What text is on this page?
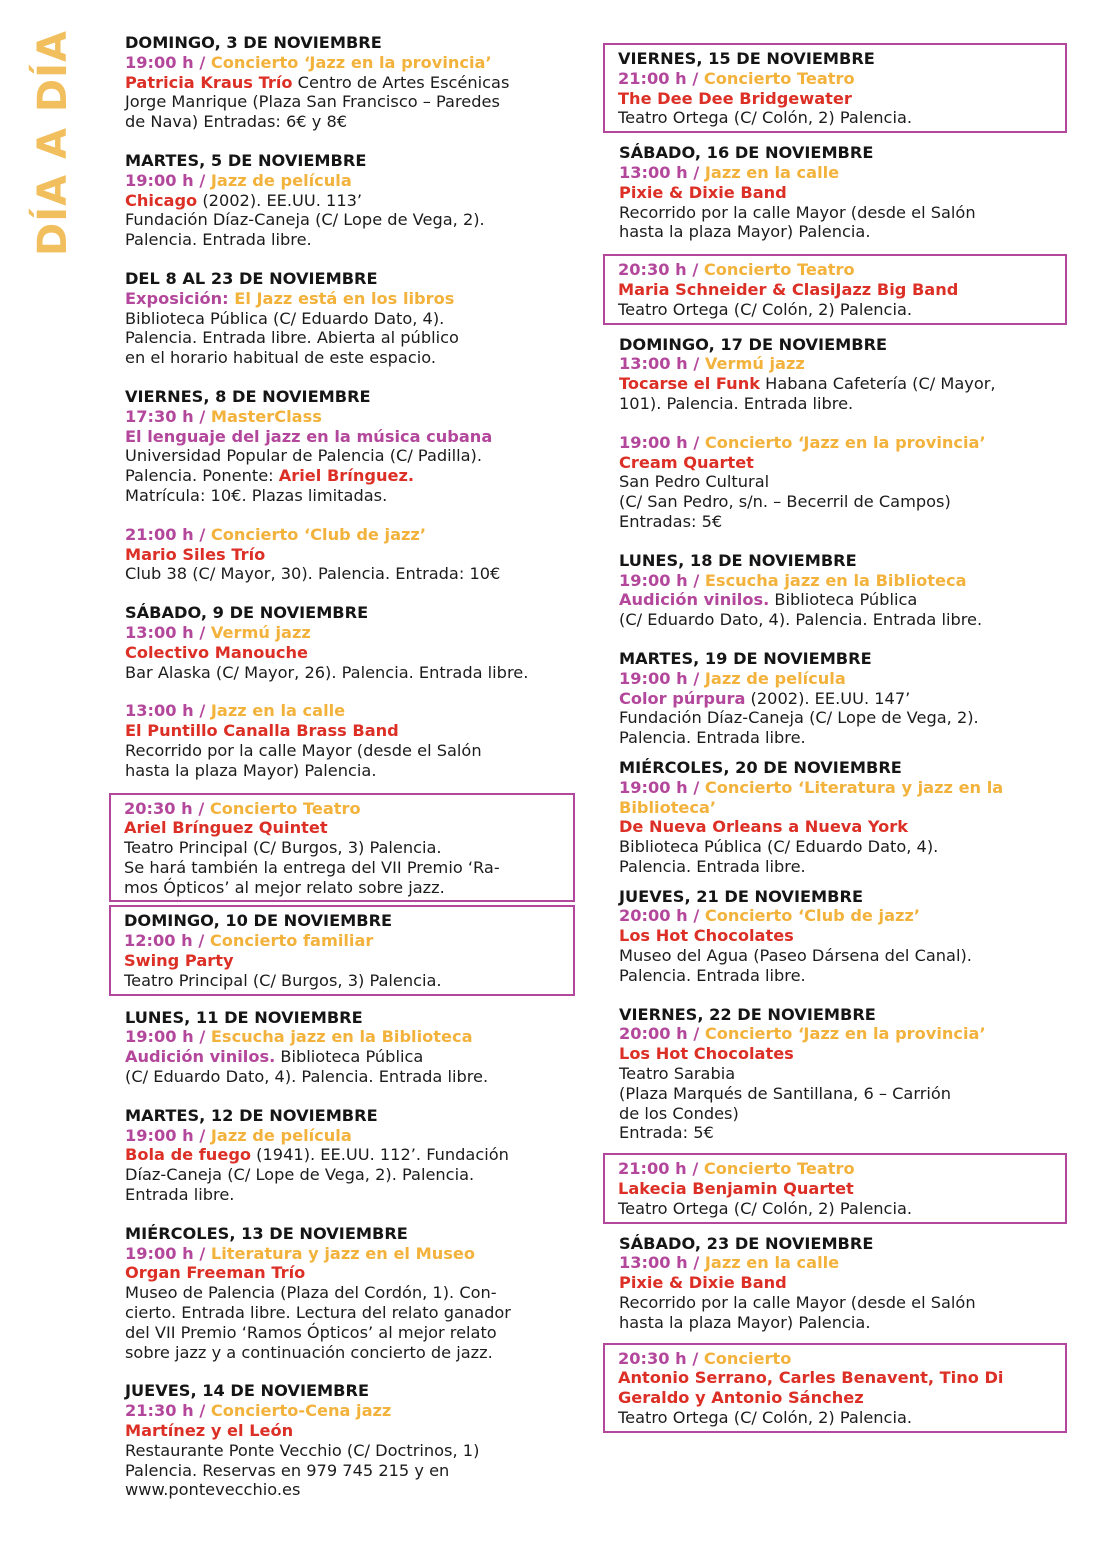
DÍA A DÍA	DOMINGO, 3 DE NOVIEMBRE
19:00 h / Concierto ‘Jazz en la provincia’
Patricia Kraus Trío Centro de Artes Escénicas
Jorge Manrique (Plaza San Francisco – Paredes
de Nava) Entradas: 6€ y 8€
MARTES, 5 DE NOVIEMBRE
19:00 h / Jazz de película
Chicago (2002). EE.UU. 113’
Fundación Díaz-Caneja (C/ Lope de Vega, 2).
Palencia. Entrada libre.
DEL 8 AL 23 DE NOVIEMBRE
Exposición: El Jazz está en los libros
Biblioteca Pública (C/ Eduardo Dato, 4).
Palencia. Entrada libre. Abierta al público
en el horario habitual de este espacio.
VIERNES, 8 DE NOVIEMBRE
17:30 h / MasterClass
El lenguaje del jazz en la música cubana
Universidad Popular de Palencia (C/ Padilla).
Palencia. Ponente: Ariel Brínguez.
Matrícula: 10€. Plazas limitadas.
21:00 h / Concierto ‘Club de jazz’
Mario Siles Trío
Club 38 (C/ Mayor, 30). Palencia. Entrada: 10€
SÁBADO, 9 DE NOVIEMBRE
13:00 h / Vermú jazz
Colectivo Manouche
Bar Alaska (C/ Mayor, 26). Palencia. Entrada libre.
13:00 h / Jazz en la calle
El Puntillo Canalla Brass Band
Recorrido por la calle Mayor (desde el Salón
hasta la plaza Mayor) Palencia.
20:30 h / Concierto Teatro
Ariel Brínguez Quintet
Teatro Principal (C/ Burgos, 3) Palencia.
Se hará también la entrega del VII Premio ‘Ra-
mos Ópticos’ al mejor relato sobre jazz.
DOMINGO, 10 DE NOVIEMBRE
12:00 h / Concierto familiar
Swing Party
Teatro Principal (C/ Burgos, 3) Palencia.
LUNES, 11 DE NOVIEMBRE
19:00 h / Escucha jazz en la Biblioteca
Audición vinilos. Biblioteca Pública
(C/ Eduardo Dato, 4). Palencia. Entrada libre.
MARTES, 12 DE NOVIEMBRE
19:00 h / Jazz de película
Bola de fuego (1941). EE.UU. 112’. Fundación
Díaz-Caneja (C/ Lope de Vega, 2). Palencia.
Entrada libre.
MIÉRCOLES, 13 DE NOVIEMBRE
19:00 h / Literatura y jazz en el Museo
Organ Freeman Trío
Museo de Palencia (Plaza del Cordón, 1). Con-
cierto. Entrada libre. Lectura del relato ganador
del VII Premio ‘Ramos Ópticos’ al mejor relato
sobre jazz y a continuación concierto de jazz.
JUEVES, 14 DE NOVIEMBRE
21:30 h / Concierto-Cena jazz
Martínez y el León
Restaurante Ponte Vecchio (C/ Doctrinos, 1)
Palencia. Reservas en 979 745 215 y en
www.pontevecchio.es
VIERNES, 15 DE NOVIEMBRE
21:00 h / Concierto Teatro
The Dee Dee Bridgewater
Teatro Ortega (C/ Colón, 2) Palencia.
SÁBADO, 16 DE NOVIEMBRE
13:00 h / Jazz en la calle
Pixie & Dixie Band
Recorrido por la calle Mayor (desde el Salón
hasta la plaza Mayor) Palencia.
20:30 h / Concierto Teatro
Maria Schneider & ClasiJazz Big Band
Teatro Ortega (C/ Colón, 2) Palencia.
DOMINGO, 17 DE NOVIEMBRE
13:00 h / Vermú jazz
Tocarse el Funk Habana Cafetería (C/ Mayor,
101). Palencia. Entrada libre.
19:00 h / Concierto ‘Jazz en la provincia’
Cream Quartet
San Pedro Cultural
(C/ San Pedro, s/n. – Becerril de Campos)
Entradas: 5€
LUNES, 18 DE NOVIEMBRE
19:00 h / Escucha jazz en la Biblioteca
Audición vinilos. Biblioteca Pública
(C/ Eduardo Dato, 4). Palencia. Entrada libre.
MARTES, 19 DE NOVIEMBRE
19:00 h / Jazz de película
Color púrpura (2002). EE.UU. 147’
Fundación Díaz-Caneja (C/ Lope de Vega, 2).
Palencia. Entrada libre.
MIÉRCOLES, 20 DE NOVIEMBRE
19:00 h / Concierto ‘Literatura y jazz en la
Biblioteca’
De Nueva Orleans a Nueva York
Biblioteca Pública (C/ Eduardo Dato, 4).
Palencia. Entrada libre.
JUEVES, 21 DE NOVIEMBRE
20:00 h / Concierto ‘Club de jazz’
Los Hot Chocolates
Museo del Agua (Paseo Dársena del Canal).
Palencia. Entrada libre.
VIERNES, 22 DE NOVIEMBRE
20:00 h / Concierto ‘Jazz en la provincia’
Los Hot Chocolates
Teatro Sarabia
(Plaza Marqués de Santillana, 6 – Carrión
de los Condes)
Entrada: 5€
21:00 h / Concierto Teatro
Lakecia Benjamin Quartet
Teatro Ortega (C/ Colón, 2) Palencia.
SÁBADO, 23 DE NOVIEMBRE
13:00 h / Jazz en la calle
Pixie & Dixie Band
Recorrido por la calle Mayor (desde el Salón
hasta la plaza Mayor) Palencia.
20:30 h / Concierto
Antonio Serrano, Carles Benavent, Tino Di
Geraldo y Antonio Sánchez
Teatro Ortega (C/ Colón, 2) Palencia.
